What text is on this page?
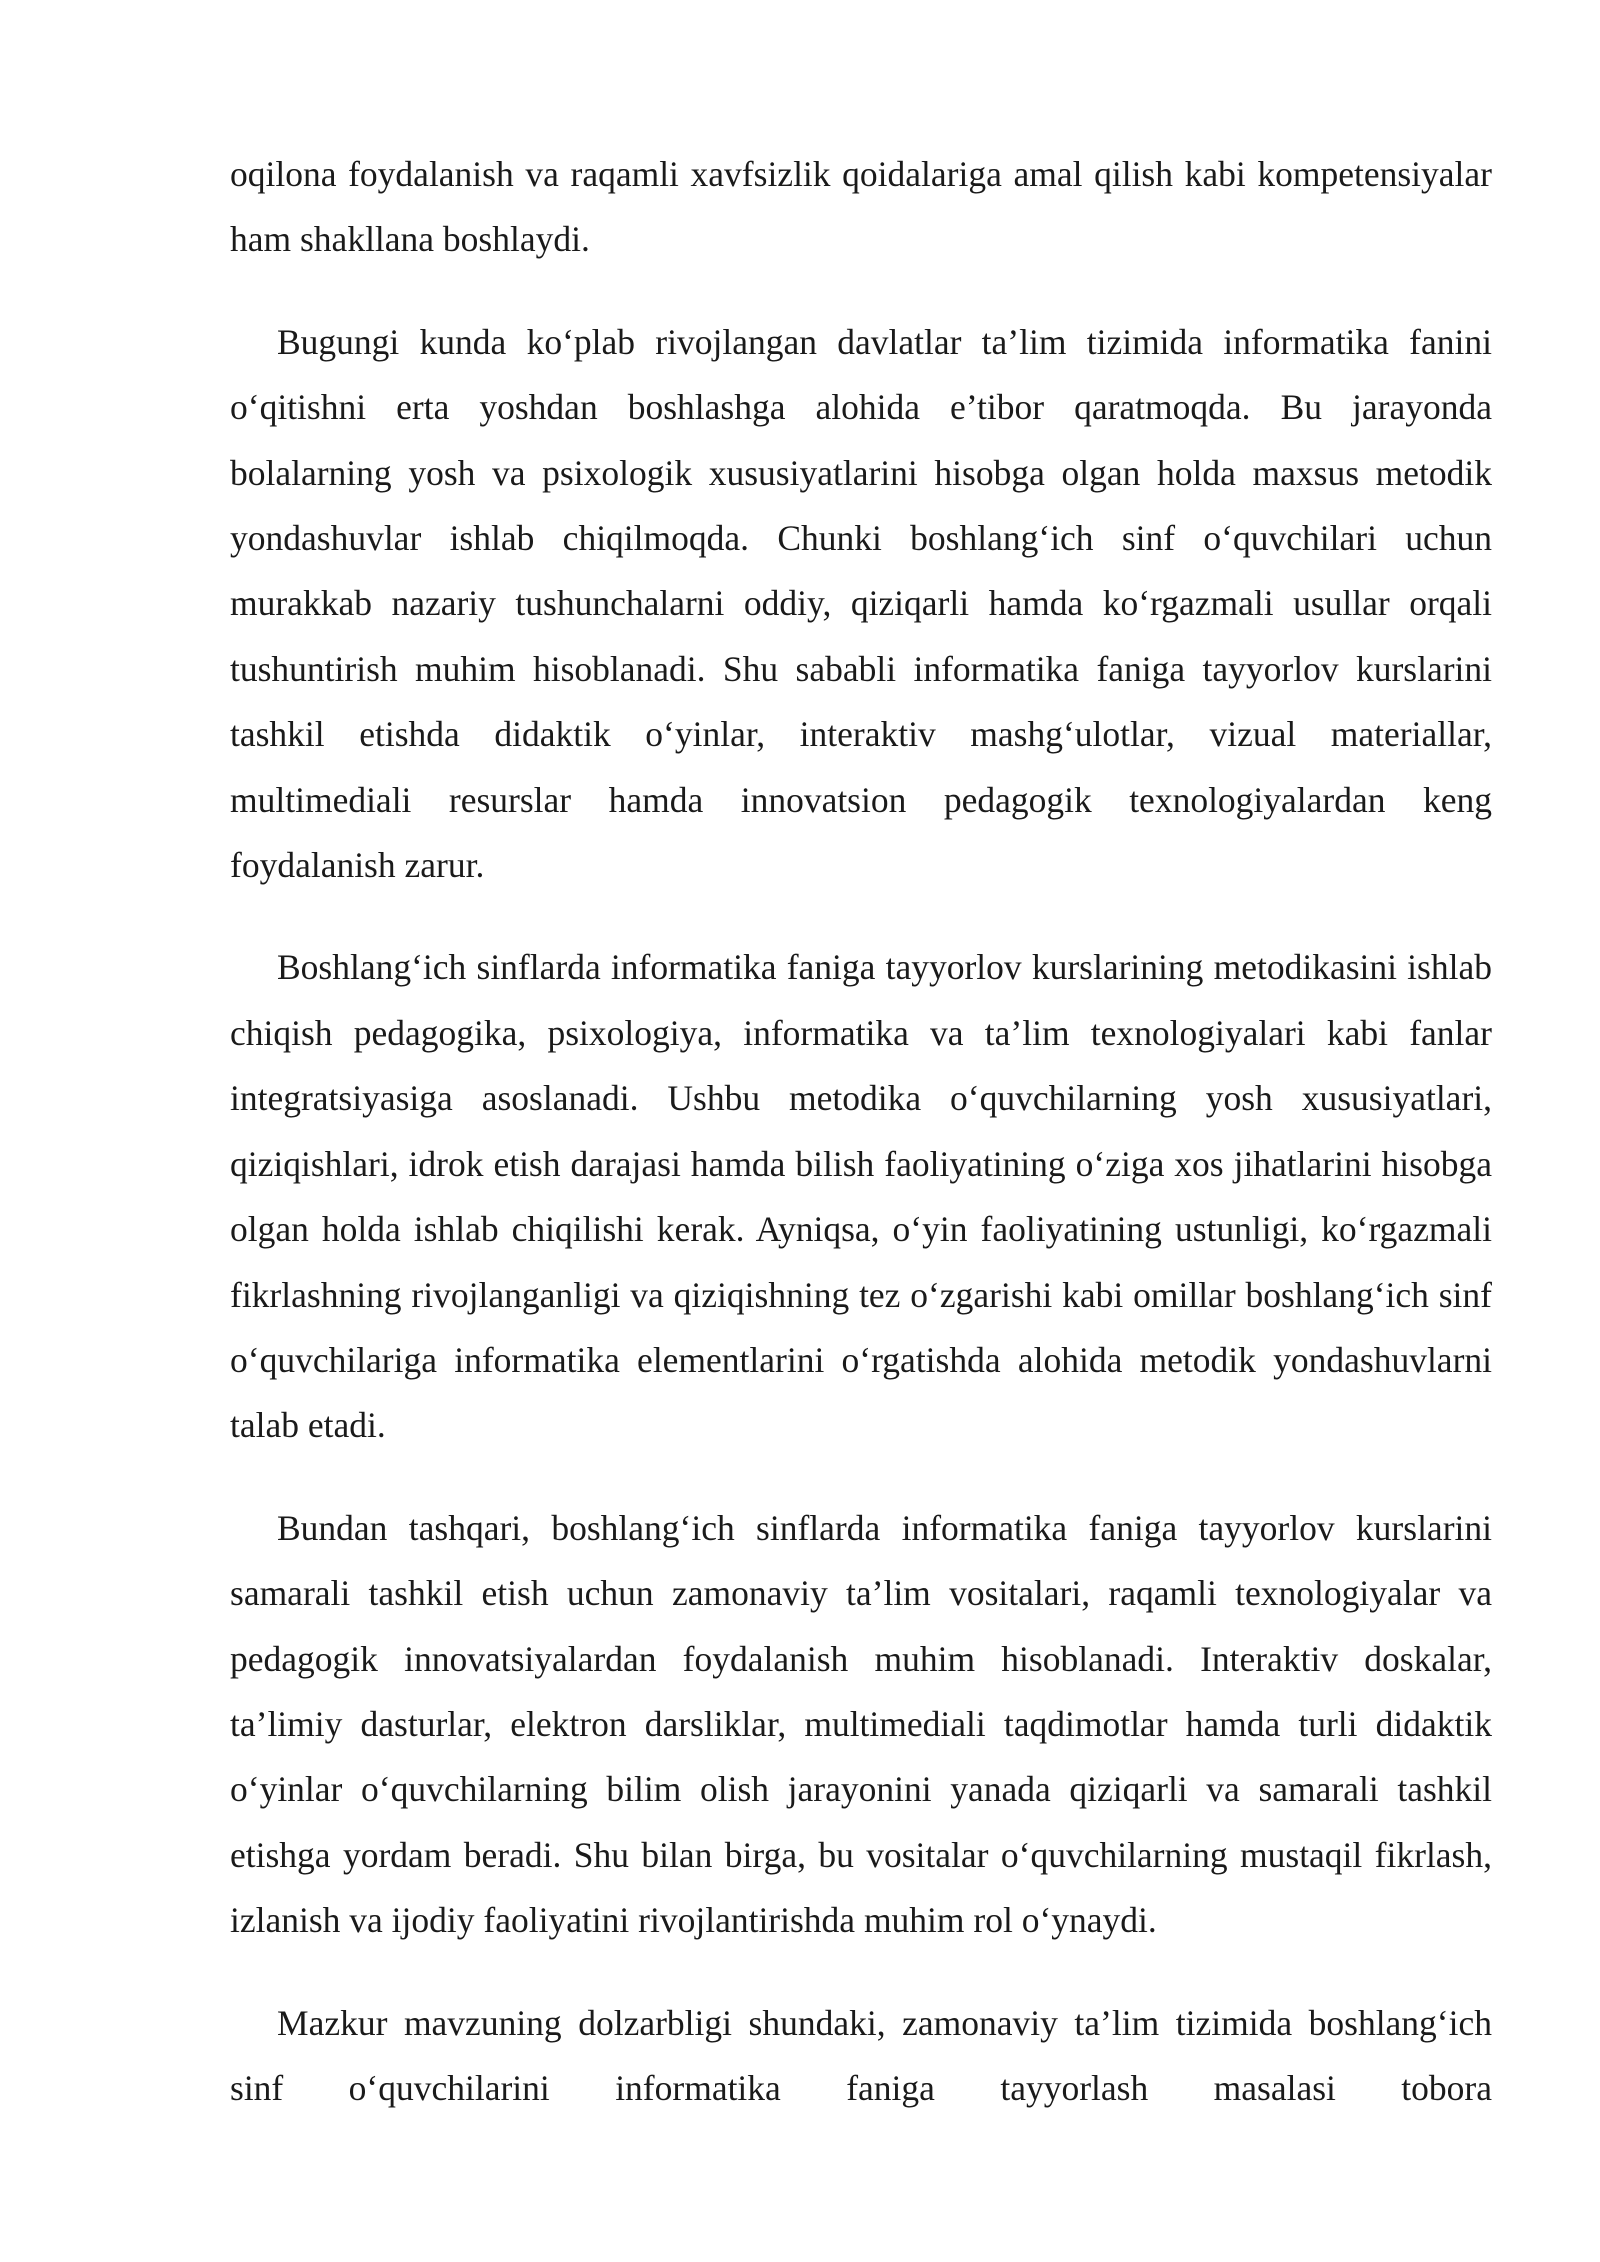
oqilona foydalanish va raqamli xavfsizlik qoidalariga amal qilish kabi kompetensiyalar ham shakllana boshlaydi.

Bugungi kunda ko‘plab rivojlangan davlatlar ta’lim tizimida informatika fanini o‘qitishni erta yoshdan boshlashga alohida e’tibor qaratmoqda. Bu jarayonda bolalarning yosh va psixologik xususiyatlarini hisobga olgan holda maxsus metodik yondashuvlar ishlab chiqilmoqda. Chunki boshlang‘ich sinf o‘quvchilari uchun murakkab nazariy tushunchalarni oddiy, qiziqarli hamda ko‘rgazmali usullar orqali tushuntirish muhim hisoblanadi. Shu sababli informatika faniga tayyorlov kurslarini tashkil etishda didaktik o‘yinlar, interaktiv mashg‘ulotlar, vizual materiallar, multimediali resurslar hamda innovatsion pedagogik texnologiyalardan keng foydalanish zarur.

Boshlang‘ich sinflarda informatika faniga tayyorlov kurslarining metodikasini ishlab chiqish pedagogika, psixologiya, informatika va ta’lim texnologiyalari kabi fanlar integratsiyasiga asoslanadi. Ushbu metodika o‘quvchilarning yosh xususiyatlari, qiziqishlari, idrok etish darajasi hamda bilish faoliyatining o‘ziga xos jihatlarini hisobga olgan holda ishlab chiqilishi kerak. Ayniqsa, o‘yin faoliyatining ustunligi, ko‘rgazmali fikrlashning rivojlanganligi va qiziqishning tez o‘zgarishi kabi omillar boshlang‘ich sinf o‘quvchilariga informatika elementlarini o‘rgatishda alohida metodik yondashuvlarni talab etadi.

Bundan tashqari, boshlang‘ich sinflarda informatika faniga tayyorlov kurslarini samarali tashkil etish uchun zamonaviy ta’lim vositalari, raqamli texnologiyalar va pedagogik innovatsiyalardan foydalanish muhim hisoblanadi. Interaktiv doskalar, ta’limiy dasturlar, elektron darsliklar, multimediali taqdimotlar hamda turli didaktik o‘yinlar o‘quvchilarning bilim olish jarayonini yanada qiziqarli va samarali tashkil etishga yordam beradi. Shu bilan birga, bu vositalar o‘quvchilarning mustaqil fikrlash, izlanish va ijodiy faoliyatini rivojlantirishda muhim rol o‘ynaydi.

Mazkur mavzuning dolzarbligi shundaki, zamonaviy ta’lim tizimida boshlang‘ich sinf o‘quvchilarini informatika faniga tayyorlash masalasi tobora
